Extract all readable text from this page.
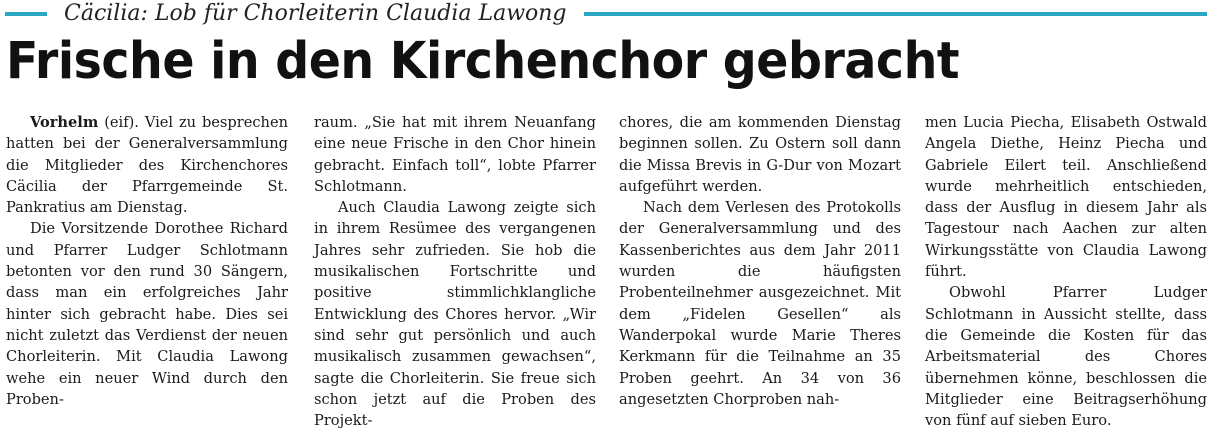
Cäcilia: Lob für Chorleiterin Claudia Lawong
Frische in den Kirchenchor gebracht

Vorhelm (eif). Viel zu besprechen hatten bei der Generalversammlung die Mitglieder des Kirchenchores Cäcilia der Pfarrgemeinde St. Pankratius am Dienstag.

Die Vorsitzende Dorothee Richard und Pfarrer Ludger Schlotmann betonten vor den rund 30 Sängern, dass man ein erfolgreiches Jahr hinter sich gebracht habe. Dies sei nicht zuletzt das Verdienst der neuen Chorleiterin. Mit Claudia Lawong wehe ein neuer Wind durch den Proben-

raum. „Sie hat mit ihrem Neuanfang eine neue Frische in den Chor hinein gebracht. Einfach toll“, lobte Pfarrer Schlotmann.

Auch Claudia Lawong zeigte sich in ihrem Resümee des vergangenen Jahres sehr zufrieden. Sie hob die musikalischen Fortschritte und positive stimmlichklangliche Entwicklung des Chores hervor. „Wir sind sehr gut persönlich und auch musikalisch zusammen gewachsen“, sagte die Chorleiterin. Sie freue sich schon jetzt auf die Proben des Projekt-

chores, die am kommenden Dienstag beginnen sollen. Zu Ostern soll dann die Missa Brevis in G-Dur von Mozart aufgeführt werden.

Nach dem Verlesen des Protokolls der Generalversammlung und des Kassenberichtes aus dem Jahr 2011 wurden die häufigsten Probenteilnehmer ausgezeichnet. Mit dem „Fidelen Gesellen“ als Wanderpokal wurde Marie Theres Kerkmann für die Teilnahme an 35 Proben geehrt. An 34 von 36 angesetzten Chorproben nah-

men Lucia Piecha, Elisabeth Ostwald Angela Diethe, Heinz Piecha und Gabriele Eilert teil. Anschließend wurde mehrheitlich entschieden, dass der Ausflug in diesem Jahr als Tagestour nach Aachen zur alten Wirkungsstätte von Claudia Lawong führt.

Obwohl Pfarrer Ludger Schlotmann in Aussicht stellte, dass die Gemeinde die Kosten für das Arbeitsmaterial des Chores übernehmen könne, beschlossen die Mitglieder eine Beitragserhöhung von fünf auf sieben Euro.
